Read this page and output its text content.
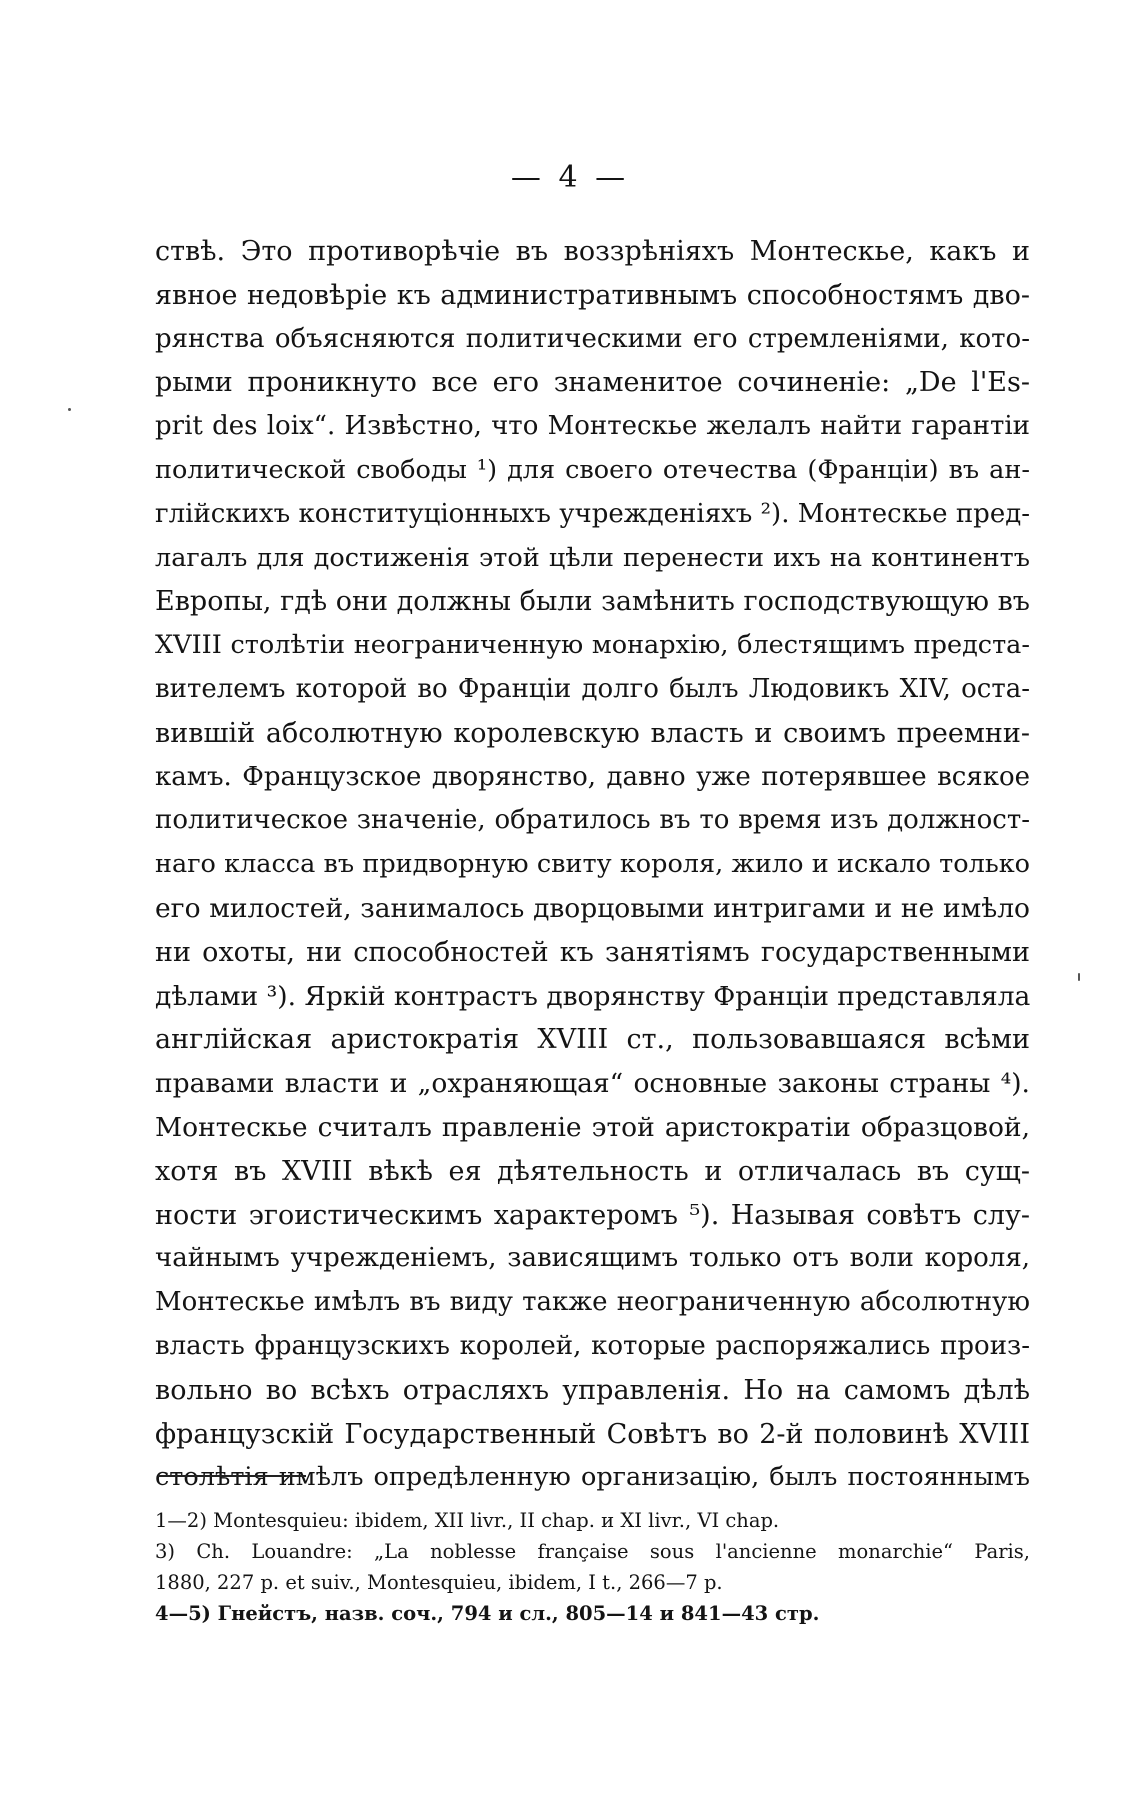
— 4 —
ствѣ. Это противорѣчіе въ воззрѣніяхъ Монтескье, какъ и
явное недовѣріе къ административнымъ способностямъ дво-
рянства объясняются политическими его стремленіями, кото-
рыми проникнуто все его знаменитое сочиненіе: „De l'Es-
prit des loix“. Извѣстно, что Монтескье желалъ найти гарантіи
политической свободы ¹) для своего отечества (Франціи) въ ан-
глійскихъ конституціонныхъ учрежденіяхъ ²). Монтескье пред-
лагалъ для достиженія этой цѣли перенести ихъ на континентъ
Европы, гдѣ они должны были замѣнить господствующую въ
XVIII столѣтіи неограниченную монархію, блестящимъ предста-
вителемъ которой во Франціи долго былъ Людовикъ XIV, оста-
вившій абсолютную королевскую власть и своимъ преемни-
камъ. Французское дворянство, давно уже потерявшее всякое
политическое значеніе, обратилось въ то время изъ должност-
наго класса въ придворную свиту короля, жило и искало только
его милостей, занималось дворцовыми интригами и не имѣло
ни охоты, ни способностей къ занятіямъ государственными
дѣлами ³). Яркій контрастъ дворянству Франціи представляла
англійская аристократія XVIII ст., пользовавшаяся всѣми
правами власти и „охраняющая“ основные законы страны ⁴).
Монтескье считалъ правленіе этой аристократіи образцовой,
хотя въ XVIII вѣкѣ ея дѣятельность и отличалась въ сущ-
ности эгоистическимъ характеромъ ⁵). Называя совѣтъ слу-
чайнымъ учрежденіемъ, зависящимъ только отъ воли короля,
Монтескье имѣлъ въ виду также неограниченную абсолютную
власть французскихъ королей, которые распоряжались произ-
вольно во всѣхъ отрасляхъ управленія. Но на самомъ дѣлѣ
французскій Государственный Совѣтъ во 2-й половинѣ XVIII
столѣтія имѣлъ опредѣленную организацію, былъ постояннымъ
1—2) Montesquieu: ibidem, XII livr., II chap. и XI livr., VI chap.
3) Ch. Louandre: „La noblesse française sous l'ancienne monarchie“ Paris,
1880, 227 p. et suiv., Montesquieu, ibidem, I t., 266—7 p.
4—5) Гнейстъ, назв. соч., 794 и сл., 805—14 и 841—43 стр.
